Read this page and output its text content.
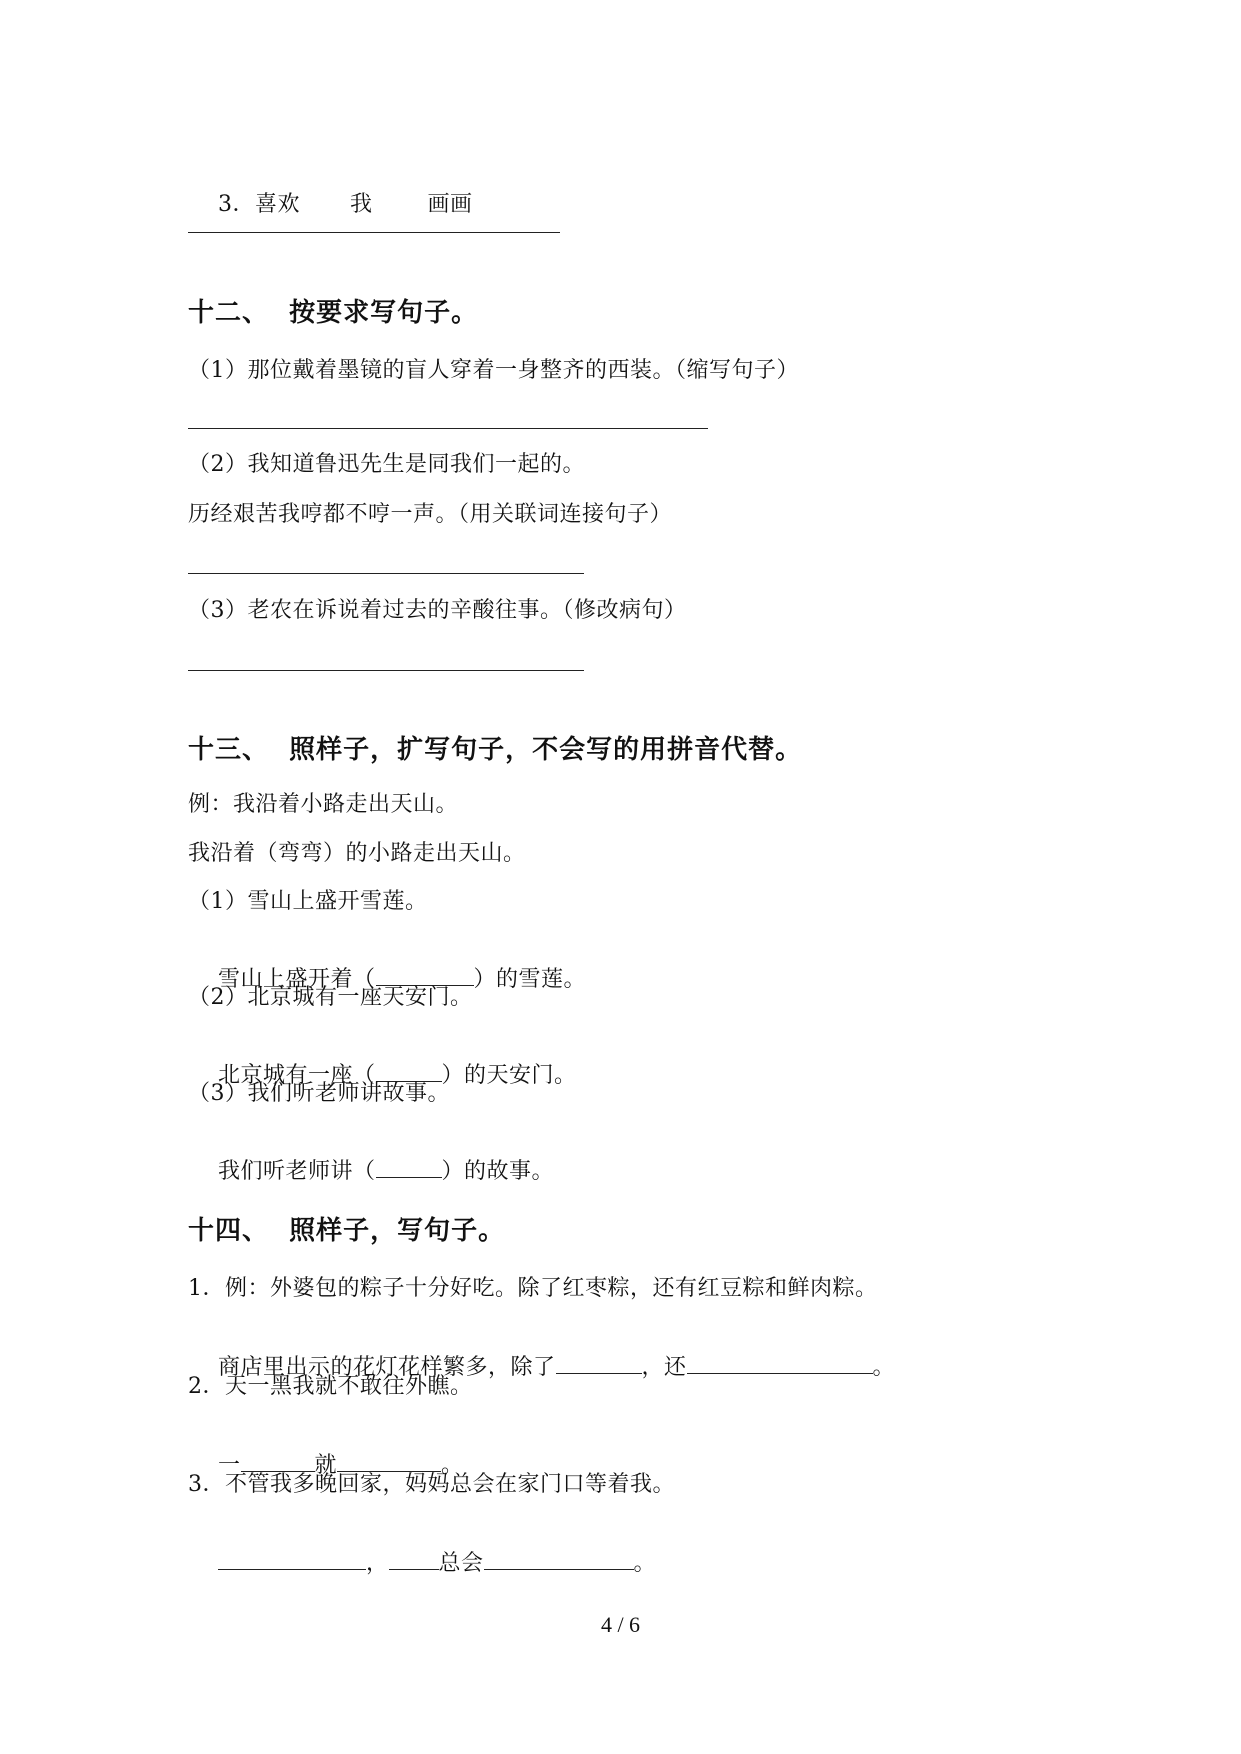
3．喜欢 我	画画

十二、  按要求写句子。
（1）那位戴着墨镜的盲人穿着一身整齐的西装。（缩写句子）
（2）我知道鲁迅先生是同我们一起的。
历经艰苦我哼都不哼一声。（用关联词连接句子）
（3）老农在诉说着过去的辛酸往事。（修改病句）
十三、  照样子，扩写句子，不会写的用拼音代替。
例：我沿着小路走出天山。
我沿着（弯弯）的小路走出天山。
（1）雪山上盛开雪莲。

雪山上盛开着（	）的雪莲。

（2）北京城有一座天安门。

北京城有一座（	）的天安门。

（3）我们听老师讲故事。

我们听老师讲（	）的故事。

十四、  照样子，写句子。
1．例：外婆包的粽子十分好吃。除了红枣粽，还有红豆粽和鲜肉粽。

商店里出示的花灯花样繁多，除了	，还	。

2．天一黑我就不敢往外瞧。

一	就	。

3．不管我多晚回家，妈妈总会在家门口等着我。

， 总会	。

4 / 6
